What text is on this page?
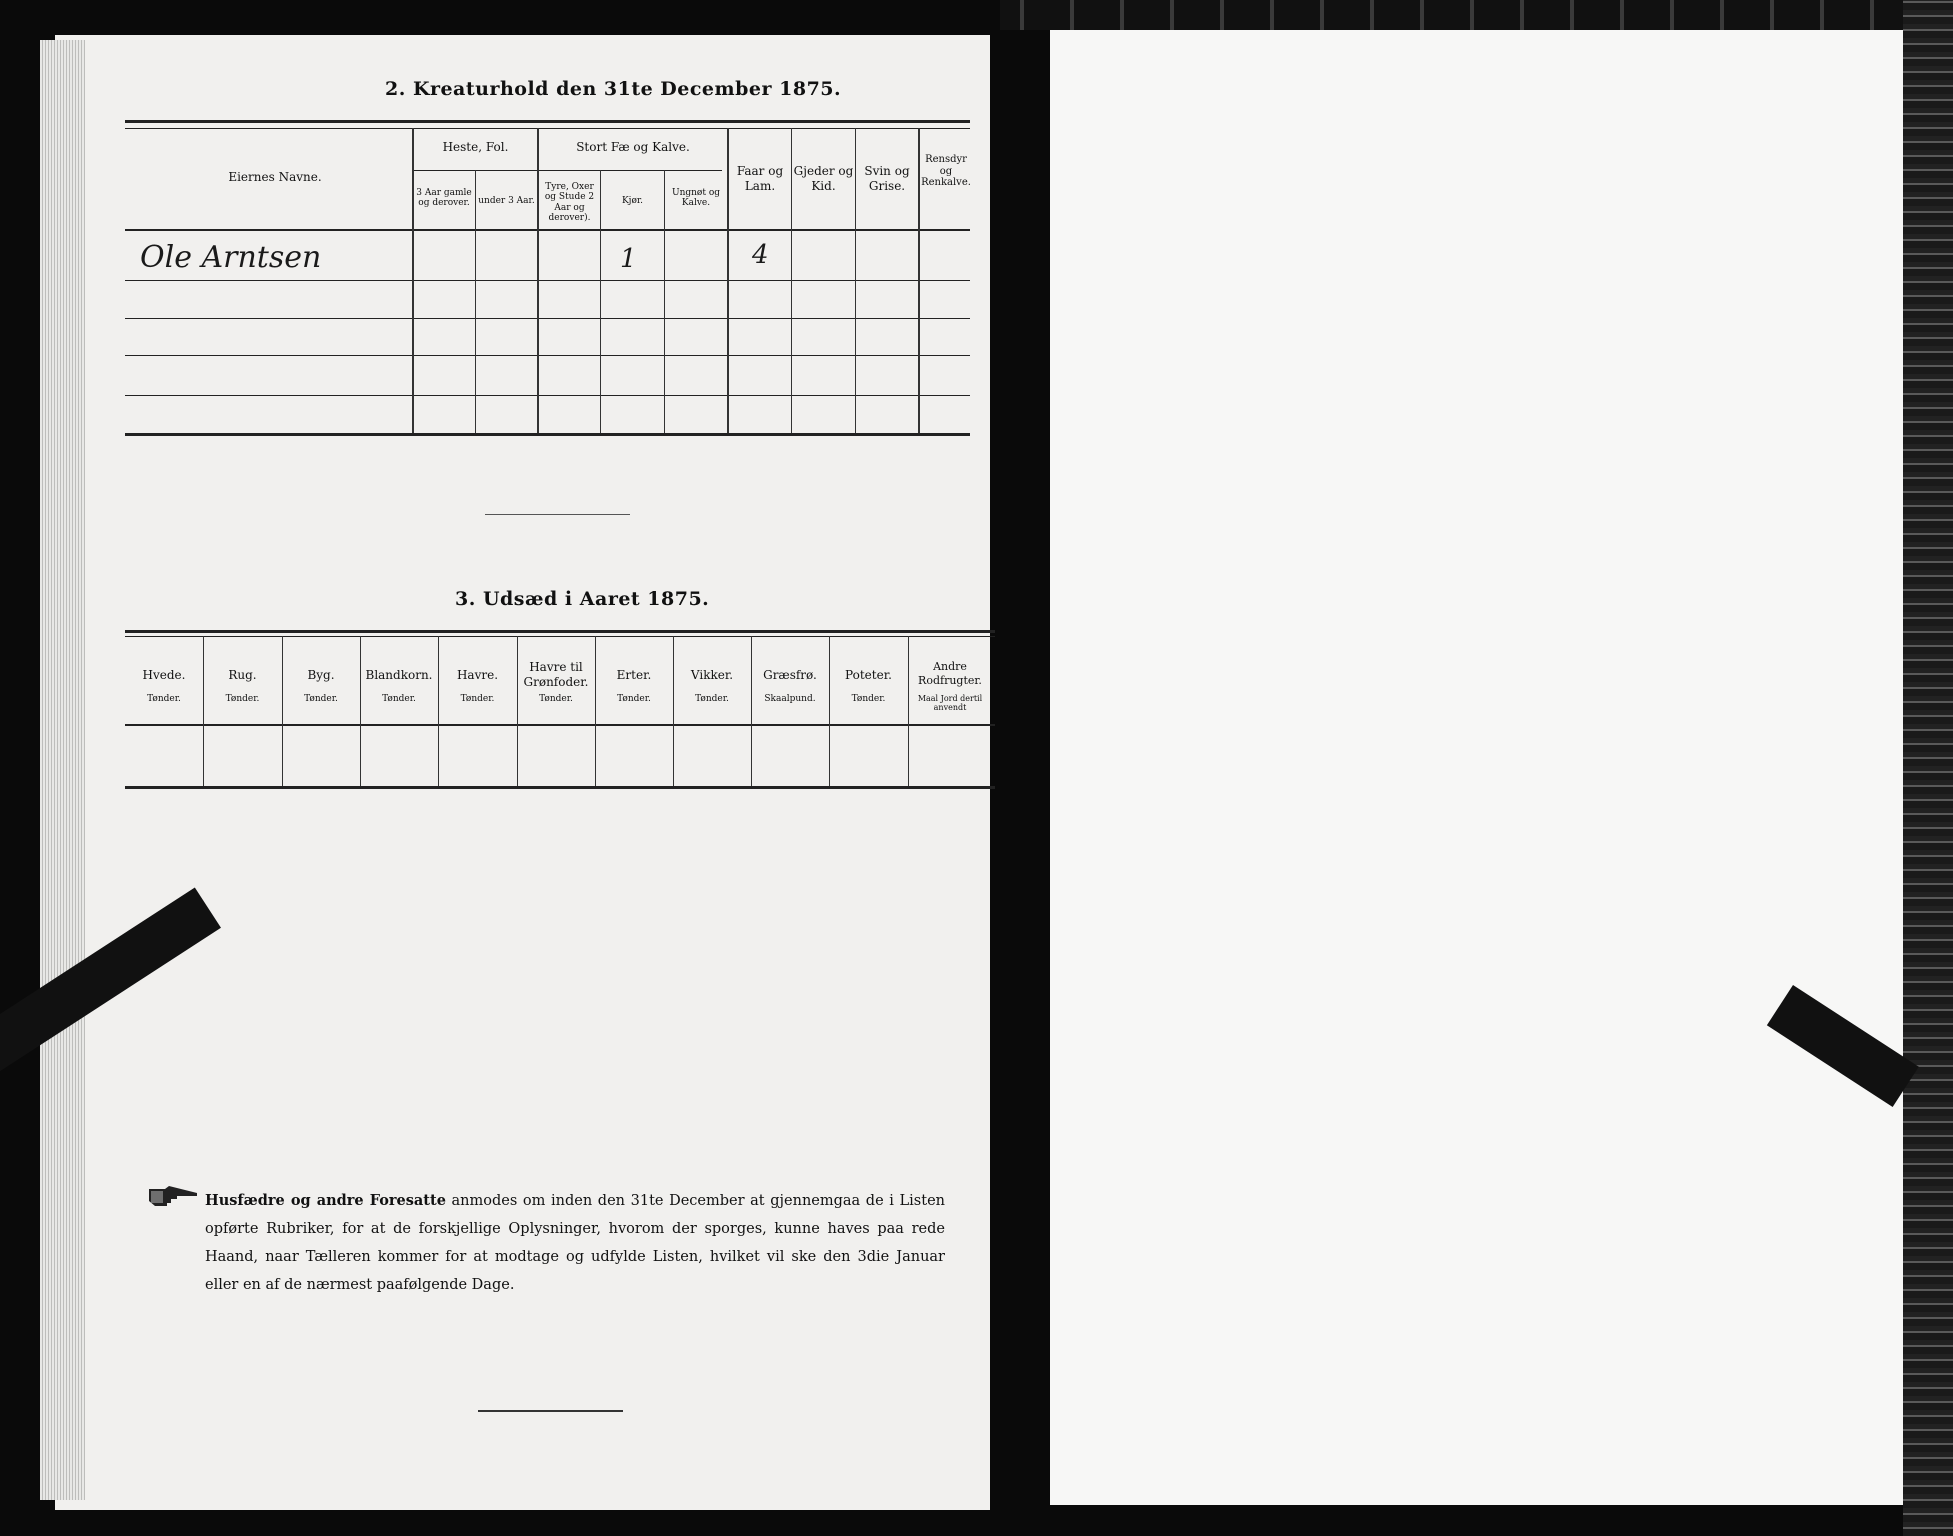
2. Kreaturhold den 31te December 1875.
Eiernes Navne.
Heste, Fol.
3 Aar gamle og derover. under 3 Aar.
Stort Fæ og Kalve.
Tyre, Oxer og Stude 2 Aar og derover).
Kjør.
Ungnøt og Kalve.
Faar og Lam.
Gjeder og Kid.
Svin og Grise.
Rensdyr og Renkalve.
Ole Arntsen	1	4
3. Udsæd i Aaret 1875.
Hvede.
Tønder.
Rug.
Tønder.
Byg.
Tønder.
Blandkorn.
Tønder.
Havre.
Tønder.
Havre til Grønfoder.
Tønder.
Erter.
Tønder.
Vikker.
Tønder.
Græsfrø.
Skaalpund.
Poteter.
Tønder.
Andre Rodfrugter.
Maal Jord dertil anvendt
Husfædre og andre Foresatte anmodes om inden den 31te December at gjennemgaa de i Listen opførte Rubriker, for at de forskjellige Oplysninger, hvorom der sporges, kunne haves paa rede Haand, naar Tælleren kommer for at modtage og udfylde Listen, hvilket vil ske den 3die Januar eller en af de nærmest paafølgende Dage.
